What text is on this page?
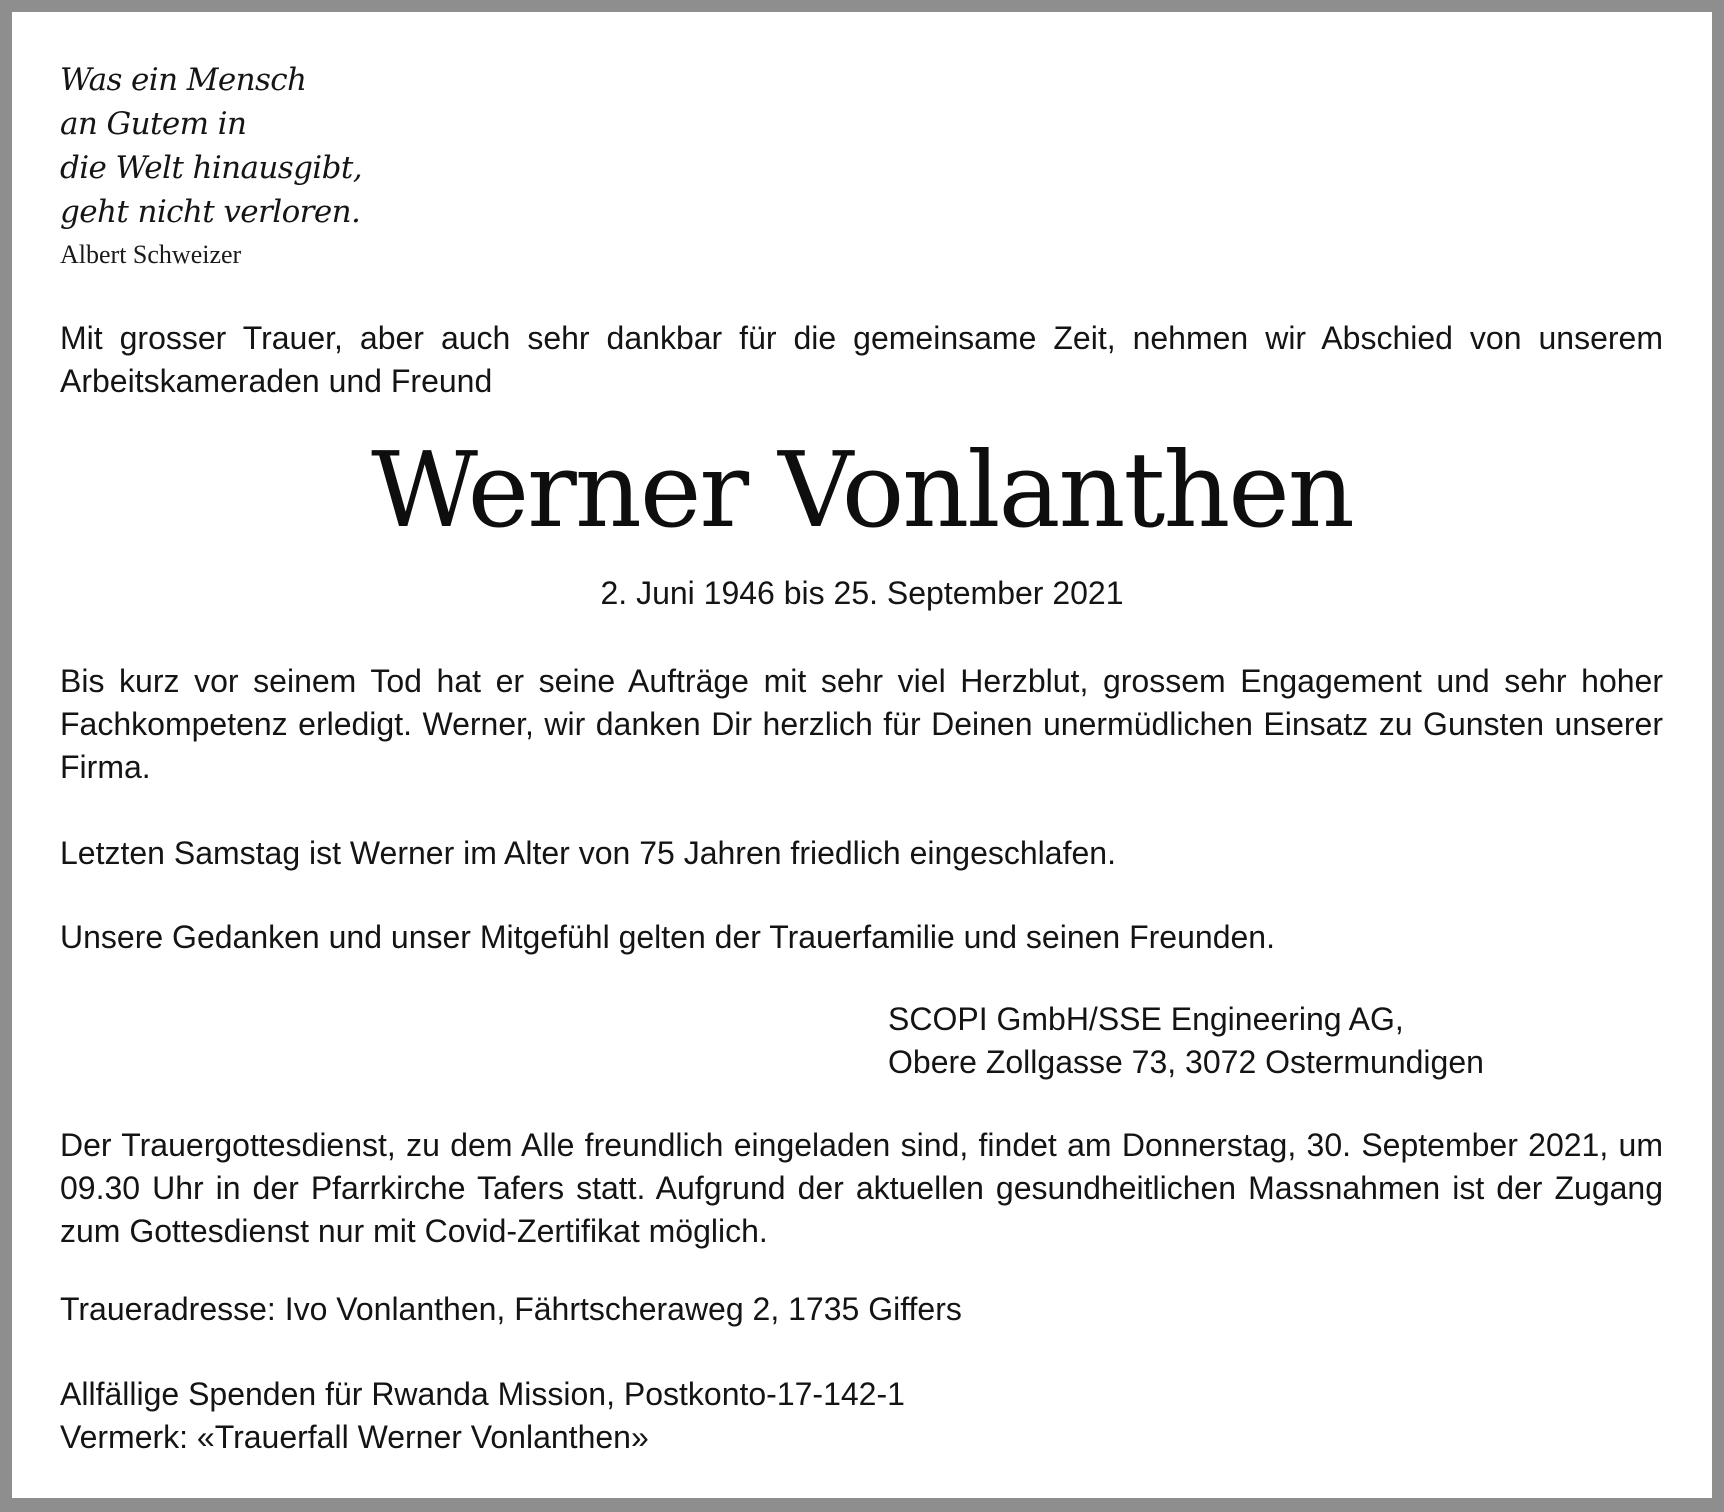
Was ein Mensch
an Gutem in
die Welt hinausgibt,
geht nicht verloren.
Albert Schweizer

Mit grosser Trauer, aber auch sehr dankbar für die gemeinsame Zeit, nehmen wir Abschied von unserem Arbeitskameraden und Freund

Werner Vonlanthen
2. Juni 1946 bis 25. September 2021

Bis kurz vor seinem Tod hat er seine Aufträge mit sehr viel Herzblut, grossem Engagement und sehr hoher Fachkompetenz erledigt. Werner, wir danken Dir herzlich für Deinen unermüdlichen Einsatz zu Gunsten unserer Firma.

Letzten Samstag ist Werner im Alter von 75 Jahren friedlich eingeschlafen.

Unsere Gedanken und unser Mitgefühl gelten der Trauerfamilie und seinen Freunden.

SCOPI GmbH/SSE Engineering AG,
Obere Zollgasse 73, 3072 Ostermundigen

Der Trauergottesdienst, zu dem Alle freundlich eingeladen sind, findet am Donnerstag, 30. September 2021, um 09.30 Uhr in der Pfarrkirche Tafers statt. Aufgrund der aktuellen gesundheitlichen Massnahmen ist der Zugang zum Gottesdienst nur mit Covid-Zertifikat möglich.

Traueradresse: Ivo Vonlanthen, Fährtscheraweg 2, 1735 Giffers

Allfällige Spenden für Rwanda Mission, Postkonto-17-142-1
Vermerk: «Trauerfall Werner Vonlanthen»
